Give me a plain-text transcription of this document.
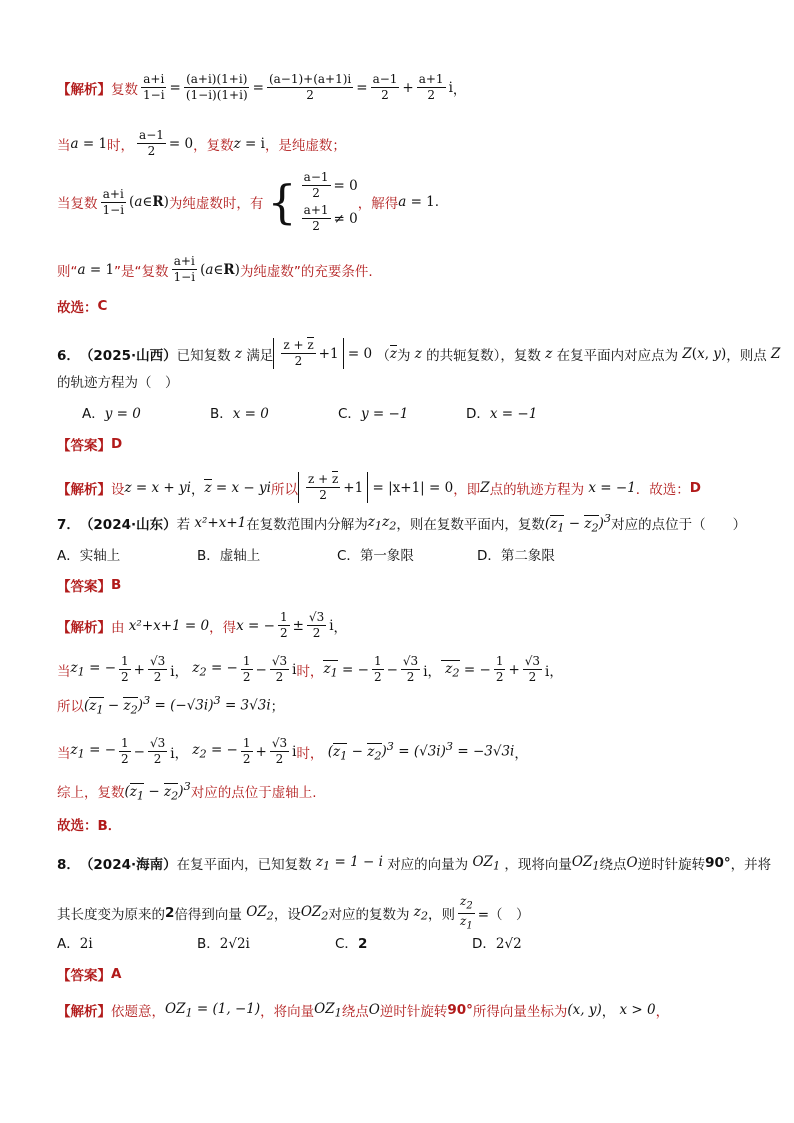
【解析】 复数 $\frac{a+i}{1-i} = \frac{(a+i)(1+i)}{(1-i)(1+i)} = \frac{(a-1)+(a+1)i}{2} = \frac{a-1}{2} + \frac{a+1}{2}$ i ，
当 a = 1 时， $\frac{a-1}{2} = 0$ ，复数 z = i ，是纯虚数；
当复数 $\frac{a+i}{1-i}$ (a∈R) 为纯虚数时，有 { $\frac{a-1}{2} = 0$
$\frac{a+1}{2} \ne 0$
，解得 a = 1 .
则“ a = 1 ”是“复数 $\frac{a+i}{1-i}$ (a∈R) 为纯虚数”的充要条件.
故选： C
6． （2025·山西） 已知复数 z 满足 $\frac{z + z}{2} +1 = 0$ （ z 为 z 的共轭复数），复数 z 在复平面内对应点为 Z (x, y) ，则点 Z
的轨迹方程为（　）
A．y = 0	B．x = 0	C．y = −1	D．x = −1
【答案】 D
【解析】 设 z = x + yi ， z = x − yi 所以 $\frac{z + z}{2} +1 = |x+1| = 0$ ，即 Z 点的轨迹方程为 x = −1 ．故选： D
7． （2024·山东） 若 x²+x+1 在复数范围内分解为 $z_1z_2$ ，则在复数平面内，复数 $(z_1 - z_2)^3$ 对应的点位于（　　）
A．实轴上	B．虚轴上	C．第一象限	D．第二象限
【答案】 B
【解析】 由 x²+x+1 = 0 ，得 x = − $\frac{1}{2} \pm \frac{√3}{2}$ i ，
当 $z_1$ = − $\frac{1}{2} + \frac{√3}{2}$ i， $z_2$ = − $\frac{1}{2} - \frac{√3}{2}$ i 时， $z_1$ = − $\frac{1}{2} - \frac{√3}{2}$ i， $z_2$ = − $\frac{1}{2} + \frac{√3}{2}$ i，
所以 $(z_1 - z_2)^3 = (-√3i)^3 = 3√3i$ ；
当 $z_1$ = − $\frac{1}{2} - \frac{√3}{2}$ i， $z_2$ = − $\frac{1}{2} + \frac{√3}{2}$ i 时， $(z_1 - z_2)^3 = (√3i)^3 = -3√3i$ ，
综上，复数 $(z_1 - z_2)^3$ 对应的点位于虚轴上.
故选： B．
8． （2024·海南） 在复平面内，已知复数 $z_1 = 1 - i$ 对应的向量为 $OZ_1$ ，现将向量 $OZ_1$ 绕点 O 逆时针旋转 90° ，并将
其长度变为原来的 2 倍得到向量 $OZ_2$ ，设 $OZ_2$ 对应的复数为 $z_2$ ，则 $\frac{z_2}{z_1}$ =（　）
A．2i	B．2√2i	C．2	D．2√2
【答案】 A
【解析】 依题意， $OZ_1 = (1$, −1) ，将向量 $OZ_1$ 绕点 O 逆时针旋转 90° 所得向量坐标为 (x, y) ， x > 0 ，
